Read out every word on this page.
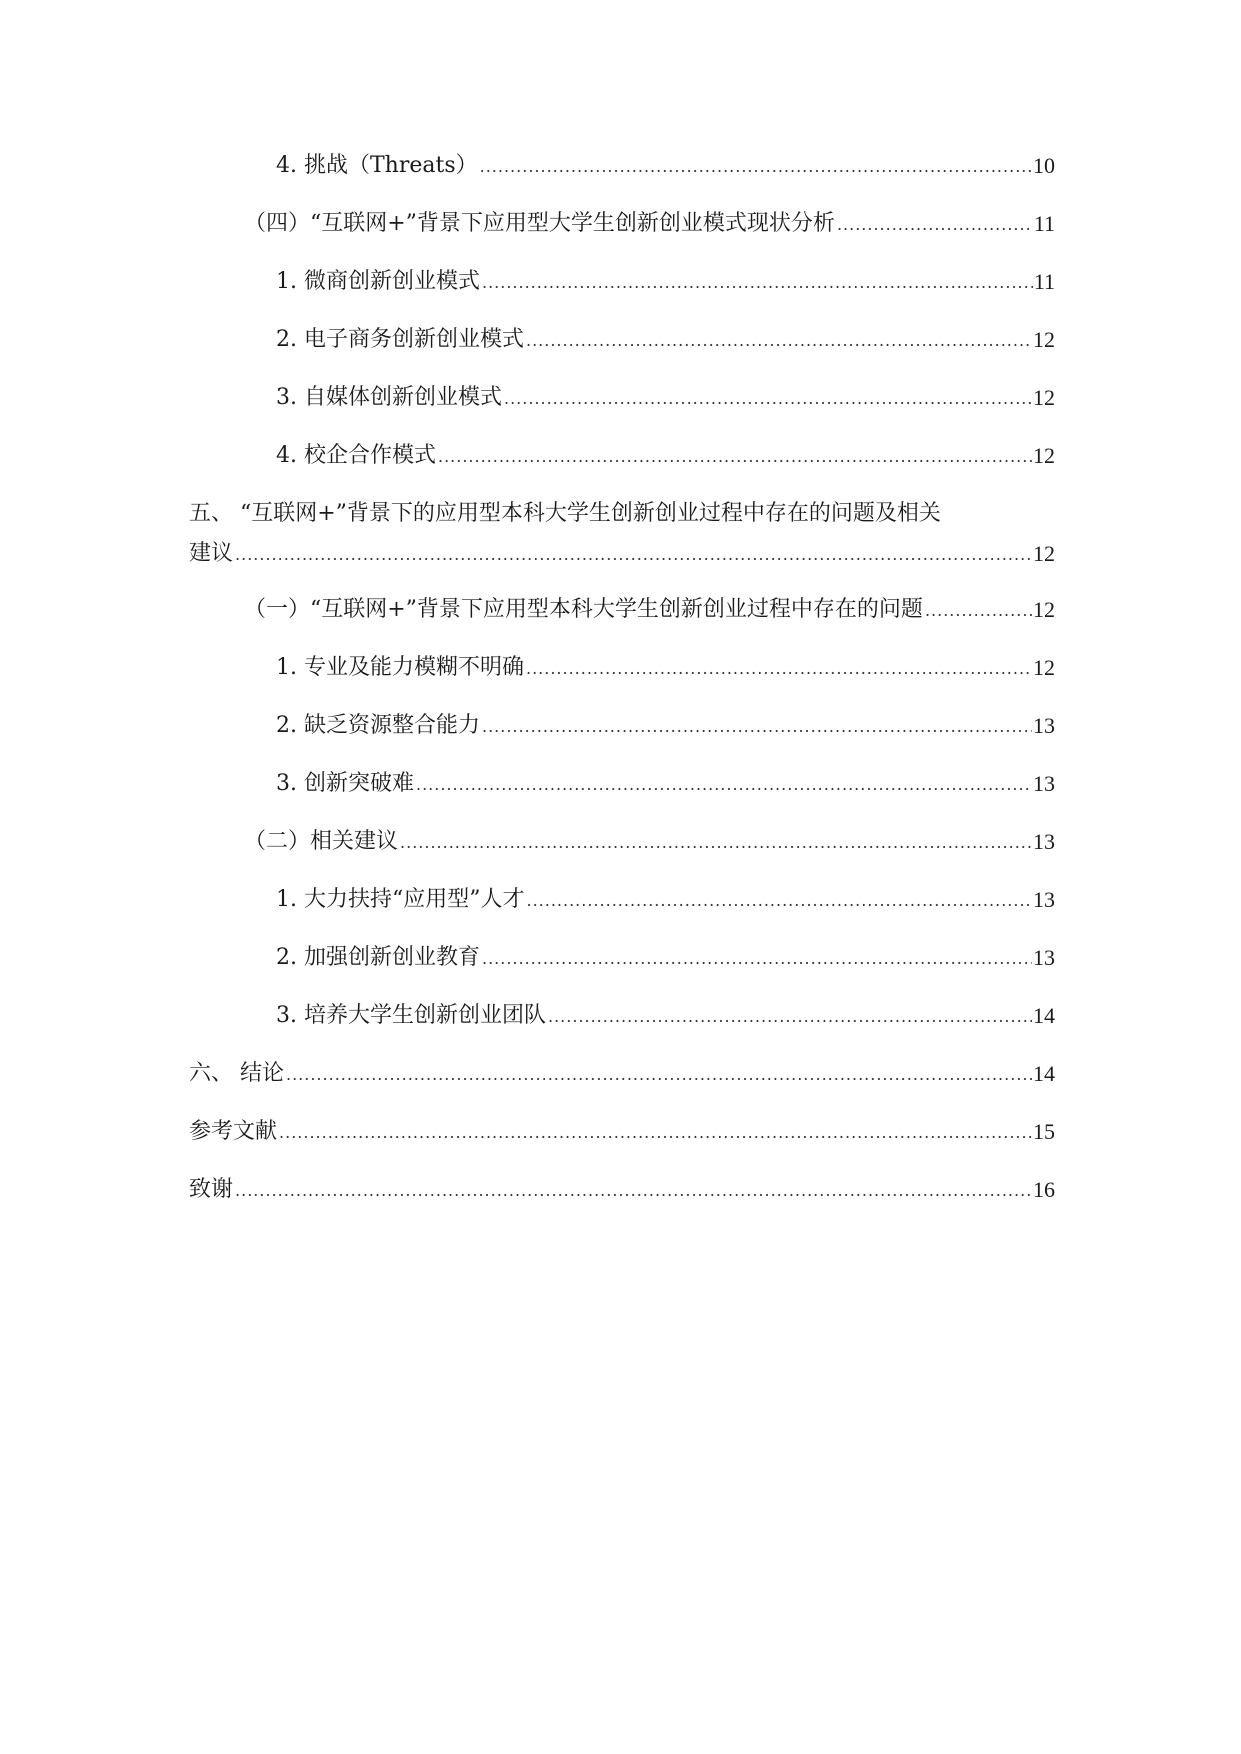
4. 挑战（Threats） .....	10
（四）“互联网+”背景下应用型大学生创新创业模式现状分析 .....	11
1. 微商创新创业模式 .....	11
2. 电子商务创新创业模式 .....	12
3. 自媒体创新创业模式 .....	12
4. 校企合作模式 .....	12
五、 “互联网+”背景下的应用型本科大学生创新创业过程中存在的问题及相关
建议 .....	12
（一）“互联网+”背景下应用型本科大学生创新创业过程中存在的问题 .....	12
1. 专业及能力模糊不明确 .....	12
2. 缺乏资源整合能力 .....	13
3. 创新突破难 .....	13
（二）相关建议 .....	13
1. 大力扶持“应用型”人才 .....	13
2. 加强创新创业教育 .....	13
3. 培养大学生创新创业团队 .....	14
六、 结论 .....	14
参考文献 .....	15
致谢 .....	16
